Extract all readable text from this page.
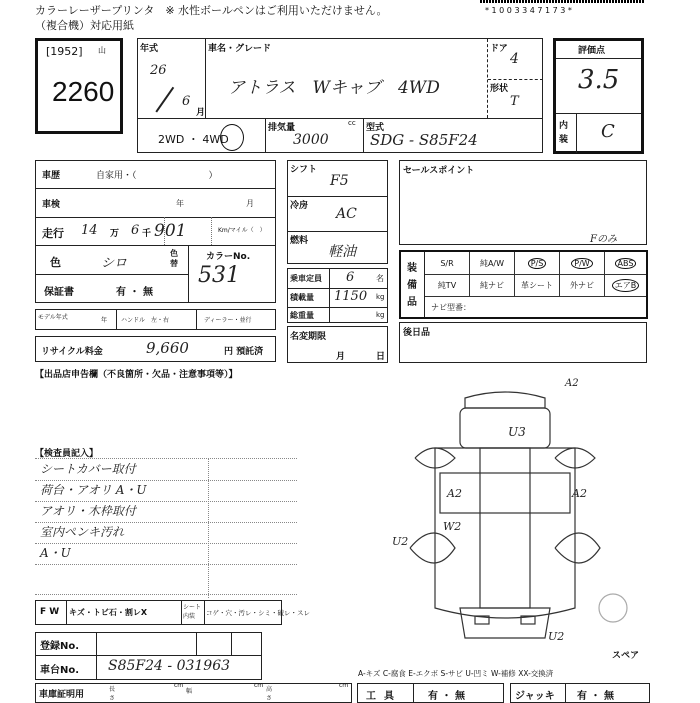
カラーレーザープリンタ　※ 水性ボールペンはご利用いただけません。
（複合機）対応用紙
* 1 0 0 3 3 4 7 1 7 3 *
[1952] 山
2260
年式
26
6
月
車名・グレード
アトラス　Wキャブ　4WD
ドア
4
形状
T
2WD ・ 4WD
排気量
3000
cc 型式
SDG - S85F24
評価点
3.5
内装 C
車歴	自家用・（　　　　　　　　）
車検	年	月
走行 14 万 6 千 901	Km/マイル（　）
色	シロ
色替
カラーNo.
531
保証書	有 ・ 無
モデル年式	年 ハンドル　左・右	ディーラー・並行
リサイクル料金	9,660	円 預託済
【出品店申告欄（不良箇所・欠品・注意事項等）】
シフト
F5
冷房 AC
燃料
軽油
乗車定員 6	名
積載量 1150 kg
総重量	kg
名変期限
月	日
セールスポイント
Fのみ
装備品
S/R	純A/W	P/S	P/W	ABS
純TV	純ナビ	革シート	外ナビ	エアB
ナビ型番：
後日品
【検査員記入】
シートカバー取付
荷台・アオリ A・U
アオリ・木枠取付
室内ペンキ汚れ
A・U
F W キズ・トビ石・割レX
シート内装	コゲ・穴・汚レ・シミ・破レ・スレ
登録No.
車台No. S85F24 - 031963
車庫証明用
長さ
cm
幅
cm
高さ
cm
A2
U3
A2	A2
W2
U2
U2
スペア
A-キズ C-腐食 E-エクボ S-サビ U-凹ミ W-補修 XX-交換済
工具	有 ・ 無	ジャッキ 有 ・ 無
